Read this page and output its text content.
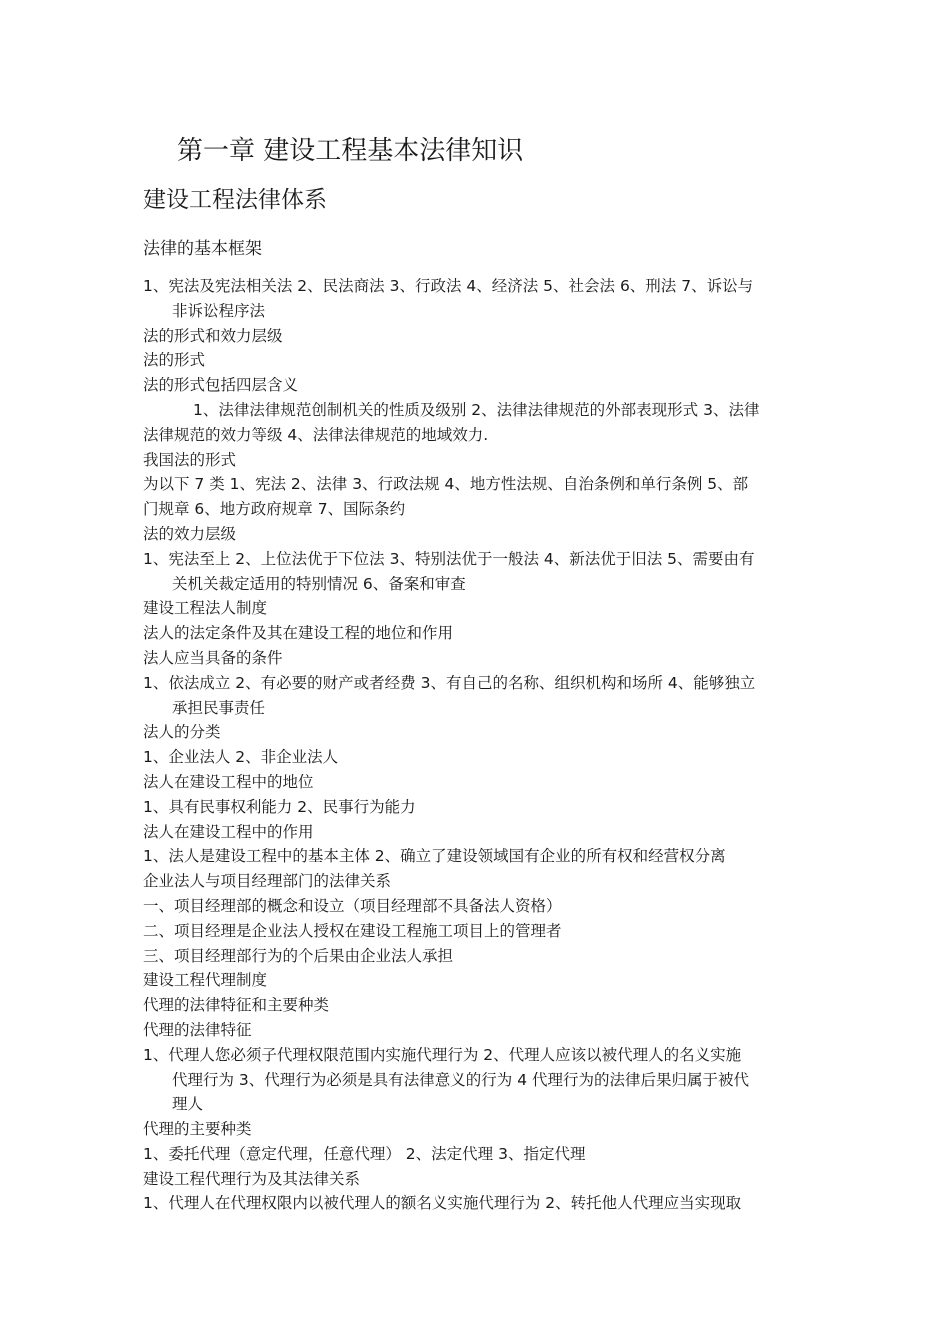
第一章 建设工程基本法律知识
建设工程法律体系
法律的基本框架
1、宪法及宪法相关法 2、民法商法 3、行政法 4、经济法 5、社会法 6、刑法 7、诉讼与
非诉讼程序法
法的形式和效力层级
法的形式
法的形式包括四层含义
1、法律法律规范创制机关的性质及级别 2、法律法律规范的外部表现形式 3、法律
法律规范的效力等级 4、法律法律规范的地域效力.
我国法的形式
为以下 7 类 1、宪法 2、法律 3、行政法规 4、地方性法规、自治条例和单行条例 5、部
门规章 6、地方政府规章 7、国际条约
法的效力层级
1、宪法至上 2、上位法优于下位法 3、特别法优于一般法 4、新法优于旧法 5、需要由有
关机关裁定适用的特别情况 6、备案和审查
建设工程法人制度
法人的法定条件及其在建设工程的地位和作用
法人应当具备的条件
1、依法成立 2、有必要的财产或者经费 3、有自己的名称、组织机构和场所 4、能够独立
承担民事责任
法人的分类
1、企业法人 2、非企业法人
法人在建设工程中的地位
1、具有民事权利能力 2、民事行为能力
法人在建设工程中的作用
1、法人是建设工程中的基本主体 2、确立了建设领域国有企业的所有权和经营权分离
企业法人与项目经理部门的法律关系
一、项目经理部的概念和设立（项目经理部不具备法人资格）
二、项目经理是企业法人授权在建设工程施工项目上的管理者
三、项目经理部行为的个后果由企业法人承担
建设工程代理制度
代理的法律特征和主要种类
代理的法律特征
1、代理人您必须子代理权限范围内实施代理行为 2、代理人应该以被代理人的名义实施
代理行为 3、代理行为必须是具有法律意义的行为 4 代理行为的法律后果归属于被代
理人
代理的主要种类
1、委托代理（意定代理，任意代理） 2、法定代理 3、指定代理
建设工程代理行为及其法律关系
1、代理人在代理权限内以被代理人的额名义实施代理行为 2、转托他人代理应当实现取
